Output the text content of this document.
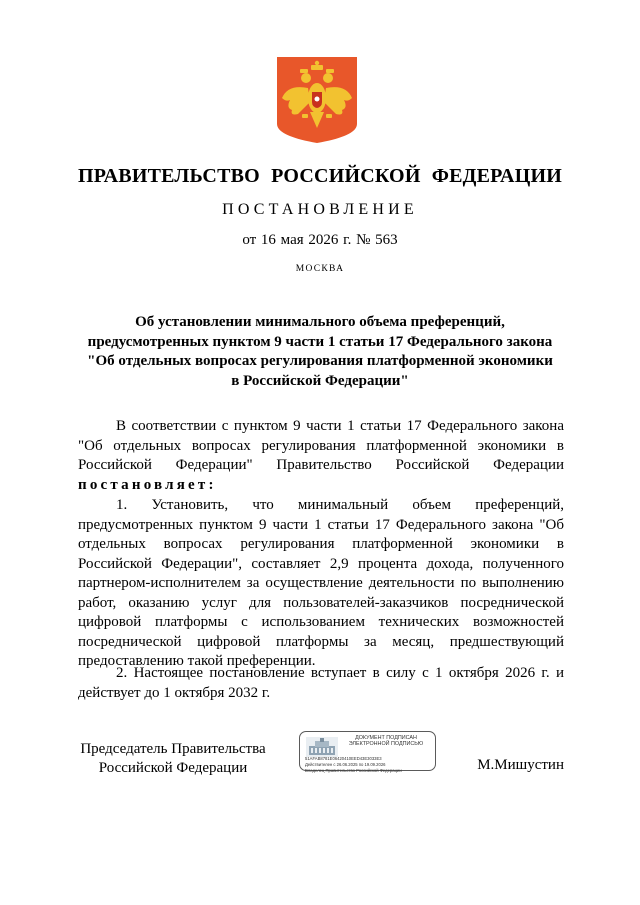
ПРАВИТЕЛЬСТВО РОССИЙСКОЙ ФЕДЕРАЦИИ
ПОСТАНОВЛЕНИЕ
от 16 мая 2026 г. № 563
МОСКВА
Об установлении минимального объема преференций,
предусмотренных пунктом 9 части 1 статьи 17 Федерального закона
"Об отдельных вопросах регулирования платформенной экономики
в Российской Федерации"
В соответствии с пунктом 9 части 1 статьи 17 Федерального закона "Об отдельных вопросах регулирования платформенной экономики в Российской Федерации" Правительство Российской Федерации постановляет:
1. Установить, что минимальный объем преференций, предусмотренных пунктом 9 части 1 статьи 17 Федерального закона "Об отдельных вопросах регулирования платформенной экономики в Российской Федерации", составляет 2,9 процента дохода, полученного партнером-исполнителем за осуществление деятельности по выполнению работ, оказанию услуг для пользователей-заказчиков посреднической цифровой платформы с использованием технических возможностей посреднической цифровой платформы за месяц, предшествующий предоставлению такой преференции.
2. Настоящее постановление вступает в силу с 1 октября 2026 г. и действует до 1 октября 2032 г.
Председатель Правительства Российской Федерации
ДОКУМЕНТ ПОДПИСАН ЭЛЕКТРОННОЙ ПОДПИСЬЮ
51AFAB8781E06420410EED43E3033E3
Действителен с 26.06.2025 по 19.09.2026
Владелец Правительство Российской Федерации	М.Мишустин
